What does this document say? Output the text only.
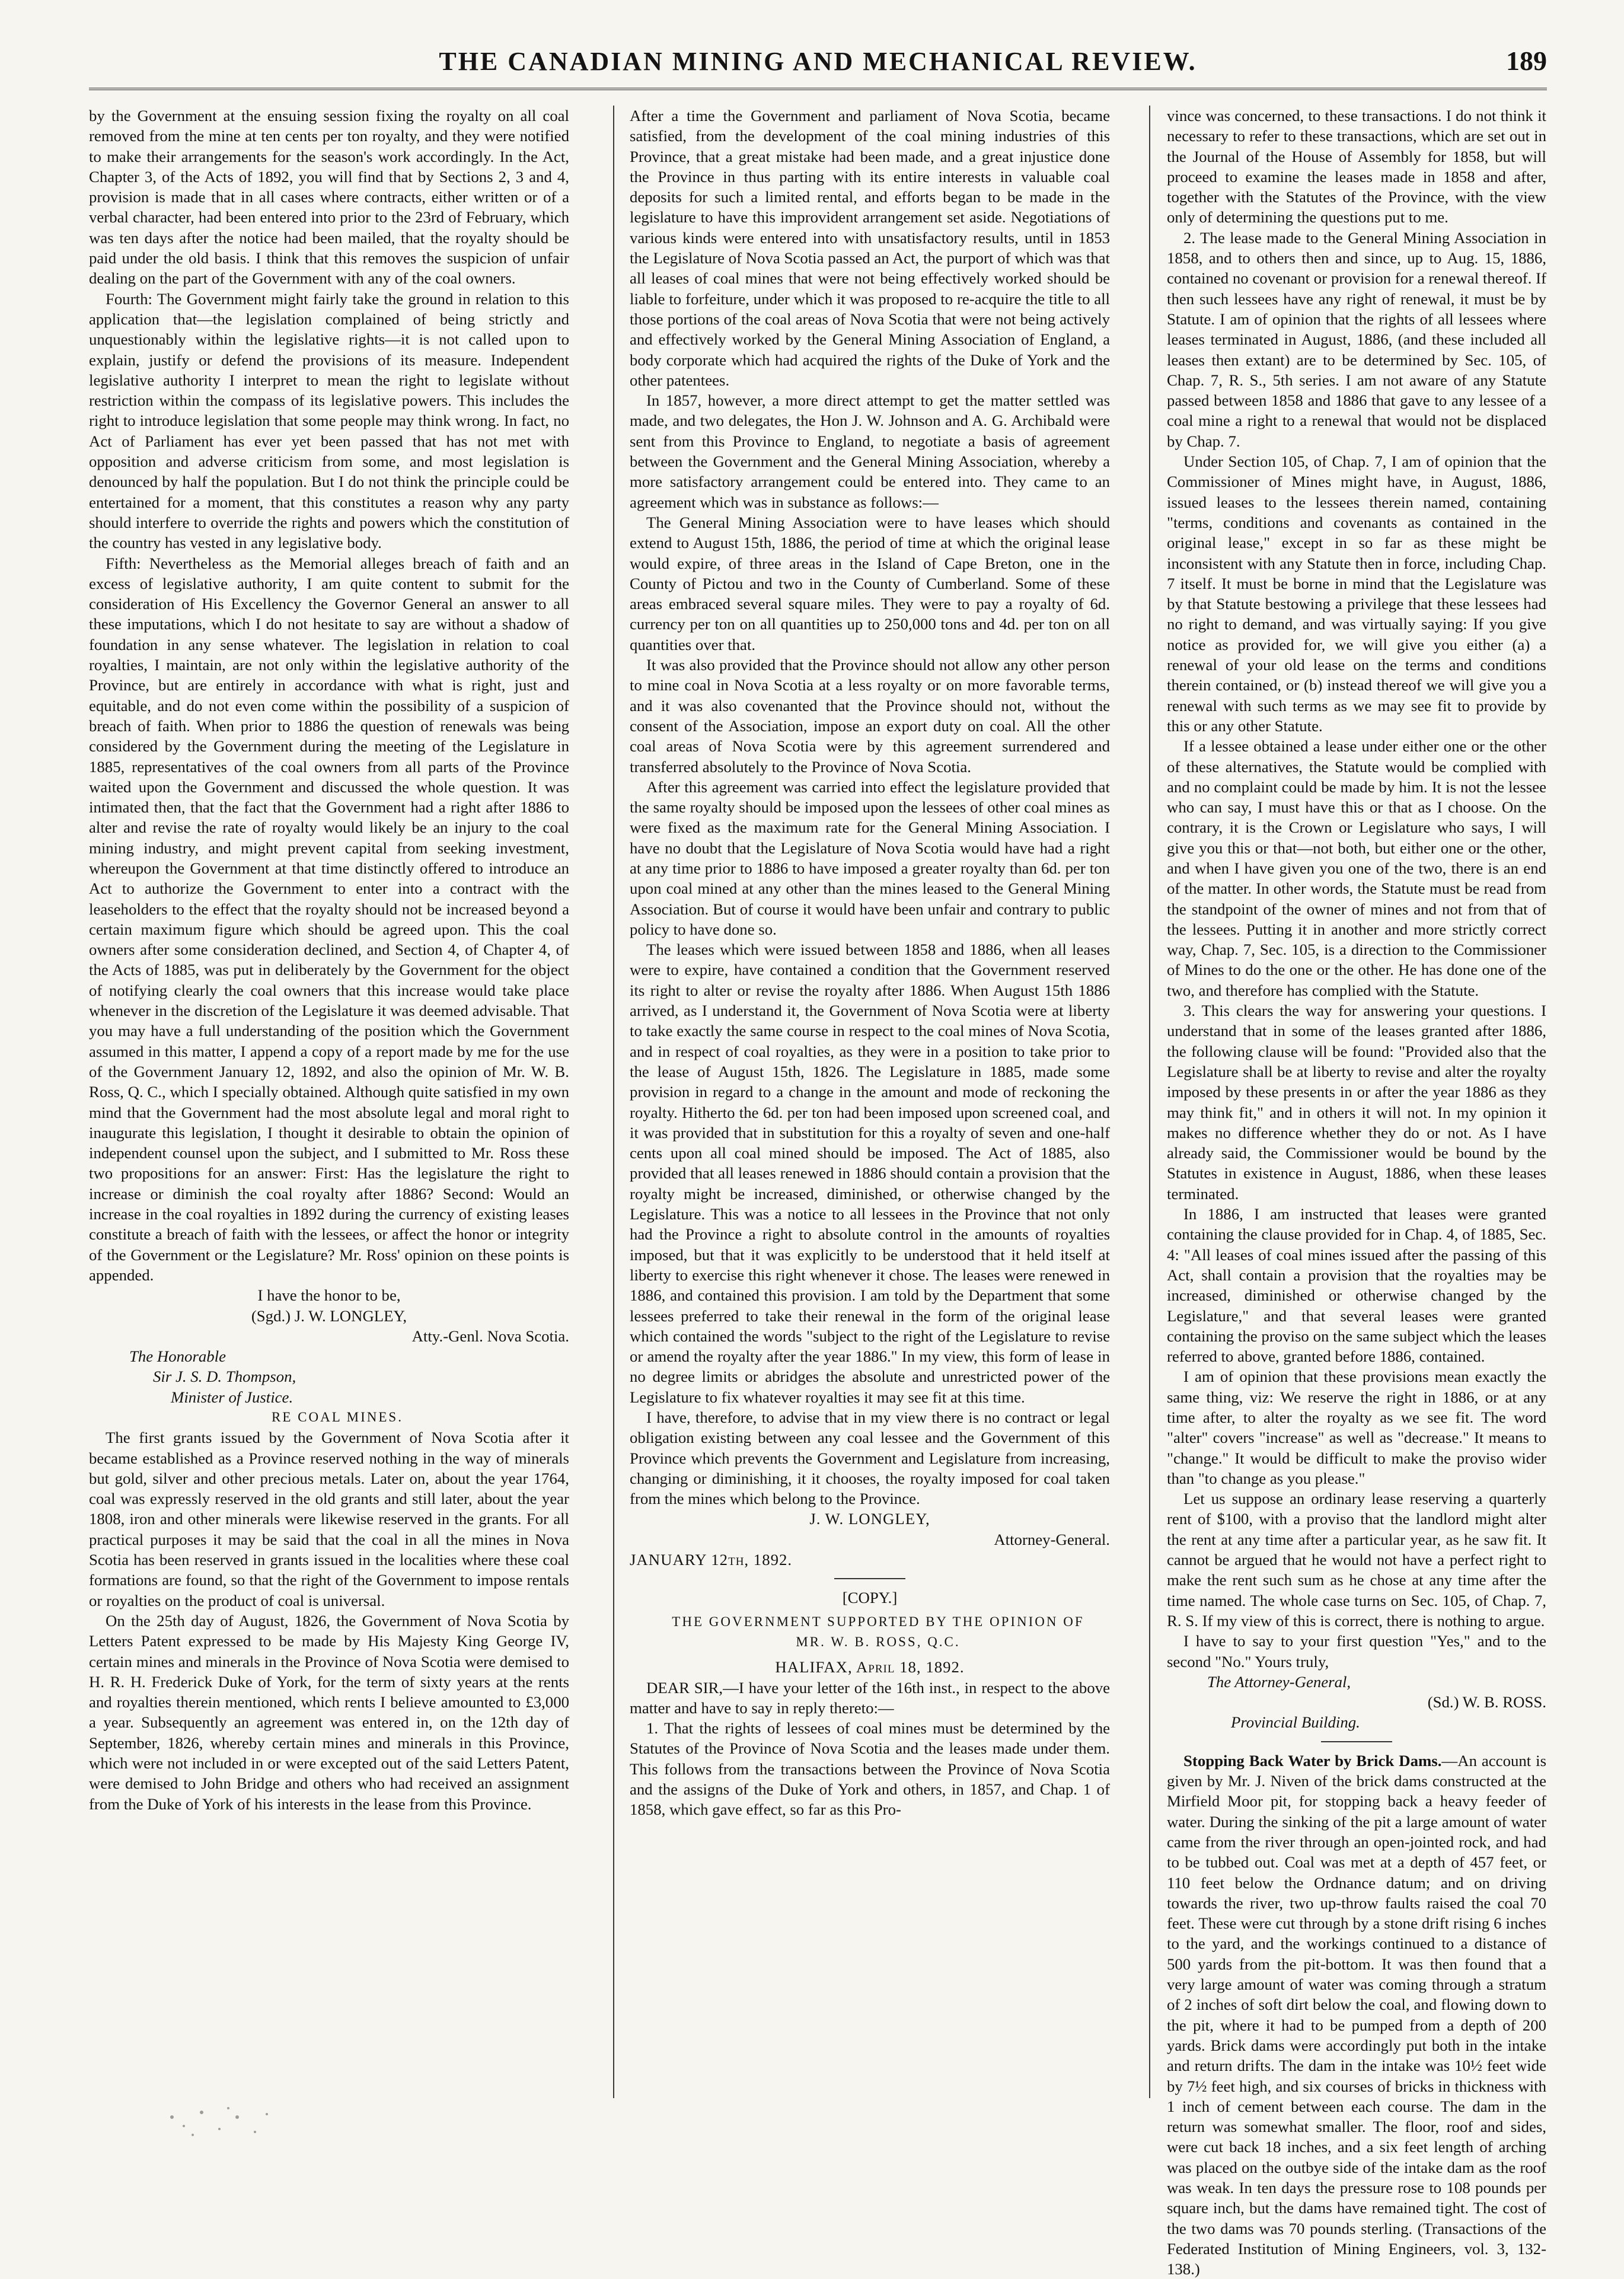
THE CANADIAN MINING AND MECHANICAL REVIEW.	189

by the Government at the ensuing session fixing the royalty on all coal removed from the mine at ten cents per ton royalty, and they were notified to make their arrangements for the season's work accordingly. In the Act, Chapter 3, of the Acts of 1892, you will find that by Sections 2, 3 and 4, provision is made that in all cases where contracts, either written or of a verbal character, had been entered into prior to the 23rd of February, which was ten days after the notice had been mailed, that the royalty should be paid under the old basis. I think that this removes the suspicion of unfair dealing on the part of the Government with any of the coal owners.

Fourth: The Government might fairly take the ground in relation to this application that—the legislation complained of being strictly and unquestionably within the legislative rights—it is not called upon to explain, justify or defend the provisions of its measure. Independent legislative authority I interpret to mean the right to legislate without restriction within the compass of its legislative powers. This includes the right to introduce legislation that some people may think wrong. In fact, no Act of Parliament has ever yet been passed that has not met with opposition and adverse criticism from some, and most legislation is denounced by half the population. But I do not think the principle could be entertained for a moment, that this constitutes a reason why any party should interfere to override the rights and powers which the constitution of the country has vested in any legislative body.

Fifth: Nevertheless as the Memorial alleges breach of faith and an excess of legislative authority, I am quite content to submit for the consideration of His Excellency the Governor General an answer to all these imputations, which I do not hesitate to say are without a shadow of foundation in any sense whatever. The legislation in relation to coal royalties, I maintain, are not only within the legislative authority of the Province, but are entirely in accordance with what is right, just and equitable, and do not even come within the possibility of a suspicion of breach of faith. When prior to 1886 the question of renewals was being considered by the Government during the meeting of the Legislature in 1885, representatives of the coal owners from all parts of the Province waited upon the Government and discussed the whole question. It was intimated then, that the fact that the Government had a right after 1886 to alter and revise the rate of royalty would likely be an injury to the coal mining industry, and might prevent capital from seeking investment, whereupon the Government at that time distinctly offered to introduce an Act to authorize the Government to enter into a contract with the leaseholders to the effect that the royalty should not be increased beyond a certain maximum figure which should be agreed upon. This the coal owners after some consideration declined, and Section 4, of Chapter 4, of the Acts of 1885, was put in deliberately by the Government for the object of notifying clearly the coal owners that this increase would take place whenever in the discretion of the Legislature it was deemed advisable. That you may have a full understanding of the position which the Government assumed in this matter, I append a copy of a report made by me for the use of the Government January 12, 1892, and also the opinion of Mr. W. B. Ross, Q. C., which I specially obtained. Although quite satisfied in my own mind that the Government had the most absolute legal and moral right to inaugurate this legislation, I thought it desirable to obtain the opinion of independent counsel upon the subject, and I submitted to Mr. Ross these two propositions for an answer: First: Has the legislature the right to increase or diminish the coal royalty after 1886? Second: Would an increase in the coal royalties in 1892 during the currency of existing leases constitute a breach of faith with the lessees, or affect the honor or integrity of the Government or the Legislature? Mr. Ross' opinion on these points is appended.

I have the honor to be,

(Sgd.) J. W. LONGLEY,

Atty.-Genl. Nova Scotia.

The Honorable

Sir J. S. D. Thompson,

Minister of Justice.

RE COAL MINES.

The first grants issued by the Government of Nova Scotia after it became established as a Province reserved nothing in the way of minerals but gold, silver and other precious metals. Later on, about the year 1764, coal was expressly reserved in the old grants and still later, about the year 1808, iron and other minerals were likewise reserved in the grants. For all practical purposes it may be said that the coal in all the mines in Nova Scotia has been reserved in grants issued in the localities where these coal formations are found, so that the right of the Government to impose rentals or royalties on the product of coal is universal.

On the 25th day of August, 1826, the Government of Nova Scotia by Letters Patent expressed to be made by His Majesty King George IV, certain mines and minerals in the Province of Nova Scotia were demised to H. R. H. Frederick Duke of York, for the term of sixty years at the rents and royalties therein mentioned, which rents I believe amounted to £3,000 a year. Subsequently an agreement was entered in, on the 12th day of September, 1826, whereby certain mines and minerals in this Province, which were not included in or were excepted out of the said Letters Patent, were demised to John Bridge and others who had received an assignment from the Duke of York of his interests in the lease from this Province.

After a time the Government and parliament of Nova Scotia, became satisfied, from the development of the coal mining industries of this Province, that a great mistake had been made, and a great injustice done the Province in thus parting with its entire interests in valuable coal deposits for such a limited rental, and efforts began to be made in the legislature to have this improvident arrangement set aside. Negotiations of various kinds were entered into with unsatisfactory results, until in 1853 the Legislature of Nova Scotia passed an Act, the purport of which was that all leases of coal mines that were not being effectively worked should be liable to forfeiture, under which it was proposed to re-acquire the title to all those portions of the coal areas of Nova Scotia that were not being actively and effectively worked by the General Mining Association of England, a body corporate which had acquired the rights of the Duke of York and the other patentees.

In 1857, however, a more direct attempt to get the matter settled was made, and two delegates, the Hon J. W. Johnson and A. G. Archibald were sent from this Province to England, to negotiate a basis of agreement between the Government and the General Mining Association, whereby a more satisfactory arrangement could be entered into. They came to an agreement which was in substance as follows:—

The General Mining Association were to have leases which should extend to August 15th, 1886, the period of time at which the original lease would expire, of three areas in the Island of Cape Breton, one in the County of Pictou and two in the County of Cumberland. Some of these areas embraced several square miles. They were to pay a royalty of 6d. currency per ton on all quantities up to 250,000 tons and 4d. per ton on all quantities over that.

It was also provided that the Province should not allow any other person to mine coal in Nova Scotia at a less royalty or on more favorable terms, and it was also covenanted that the Province should not, without the consent of the Association, impose an export duty on coal. All the other coal areas of Nova Scotia were by this agreement surrendered and transferred absolutely to the Province of Nova Scotia.

After this agreement was carried into effect the legislature provided that the same royalty should be imposed upon the lessees of other coal mines as were fixed as the maximum rate for the General Mining Association. I have no doubt that the Legislature of Nova Scotia would have had a right at any time prior to 1886 to have imposed a greater royalty than 6d. per ton upon coal mined at any other than the mines leased to the General Mining Association. But of course it would have been unfair and contrary to public policy to have done so.

The leases which were issued between 1858 and 1886, when all leases were to expire, have contained a condition that the Government reserved its right to alter or revise the royalty after 1886. When August 15th 1886 arrived, as I understand it, the Government of Nova Scotia were at liberty to take exactly the same course in respect to the coal mines of Nova Scotia, and in respect of coal royalties, as they were in a position to take prior to the lease of August 15th, 1826. The Legislature in 1885, made some provision in regard to a change in the amount and mode of reckoning the royalty. Hitherto the 6d. per ton had been imposed upon screened coal, and it was provided that in substitution for this a royalty of seven and one-half cents upon all coal mined should be imposed. The Act of 1885, also provided that all leases renewed in 1886 should contain a provision that the royalty might be increased, diminished, or otherwise changed by the Legislature. This was a notice to all lessees in the Province that not only had the Province a right to absolute control in the amounts of royalties imposed, but that it was explicitly to be understood that it held itself at liberty to exercise this right whenever it chose. The leases were renewed in 1886, and contained this provision. I am told by the Department that some lessees preferred to take their renewal in the form of the original lease which contained the words "subject to the right of the Legislature to revise or amend the royalty after the year 1886." In my view, this form of lease in no degree limits or abridges the absolute and unrestricted power of the Legislature to fix whatever royalties it may see fit at this time.

I have, therefore, to advise that in my view there is no contract or legal obligation existing between any coal lessee and the Government of this Province which prevents the Government and Legislature from increasing, changing or diminishing, it it chooses, the royalty imposed for coal taken from the mines which belong to the Province.

J. W. LONGLEY,

Attorney-General.

JANUARY 12th, 1892.

[COPY.]

THE GOVERNMENT SUPPORTED BY THE OPINION OF

MR. W. B. ROSS, Q.C.

HALIFAX, April 18, 1892.

DEAR SIR,—I have your letter of the 16th inst., in respect to the above matter and have to say in reply thereto:—

1. That the rights of lessees of coal mines must be determined by the Statutes of the Province of Nova Scotia and the leases made under them. This follows from the transactions between the Province of Nova Scotia and the assigns of the Duke of York and others, in 1857, and Chap. 1 of 1858, which gave effect, so far as this Pro-

vince was concerned, to these transactions. I do not think it necessary to refer to these transactions, which are set out in the Journal of the House of Assembly for 1858, but will proceed to examine the leases made in 1858 and after, together with the Statutes of the Province, with the view only of determining the questions put to me.

2. The lease made to the General Mining Association in 1858, and to others then and since, up to Aug. 15, 1886, contained no covenant or provision for a renewal thereof. If then such lessees have any right of renewal, it must be by Statute. I am of opinion that the rights of all lessees where leases terminated in August, 1886, (and these included all leases then extant) are to be determined by Sec. 105, of Chap. 7, R. S., 5th series. I am not aware of any Statute passed between 1858 and 1886 that gave to any lessee of a coal mine a right to a renewal that would not be displaced by Chap. 7.

Under Section 105, of Chap. 7, I am of opinion that the Commissioner of Mines might have, in August, 1886, issued leases to the lessees therein named, containing "terms, conditions and covenants as contained in the original lease," except in so far as these might be inconsistent with any Statute then in force, including Chap. 7 itself. It must be borne in mind that the Legislature was by that Statute bestowing a privilege that these lessees had no right to demand, and was virtually saying: If you give notice as provided for, we will give you either (a) a renewal of your old lease on the terms and conditions therein contained, or (b) instead thereof we will give you a renewal with such terms as we may see fit to provide by this or any other Statute.

If a lessee obtained a lease under either one or the other of these alternatives, the Statute would be complied with and no complaint could be made by him. It is not the lessee who can say, I must have this or that as I choose. On the contrary, it is the Crown or Legislature who says, I will give you this or that—not both, but either one or the other, and when I have given you one of the two, there is an end of the matter. In other words, the Statute must be read from the standpoint of the owner of mines and not from that of the lessees. Putting it in another and more strictly correct way, Chap. 7, Sec. 105, is a direction to the Commissioner of Mines to do the one or the other. He has done one of the two, and therefore has complied with the Statute.

3. This clears the way for answering your questions. I understand that in some of the leases granted after 1886, the following clause will be found: "Provided also that the Legislature shall be at liberty to revise and alter the royalty imposed by these presents in or after the year 1886 as they may think fit," and in others it will not. In my opinion it makes no difference whether they do or not. As I have already said, the Commissioner would be bound by the Statutes in existence in August, 1886, when these leases terminated.

In 1886, I am instructed that leases were granted containing the clause provided for in Chap. 4, of 1885, Sec. 4: "All leases of coal mines issued after the passing of this Act, shall contain a provision that the royalties may be increased, diminished or otherwise changed by the Legislature," and that several leases were granted containing the proviso on the same subject which the leases referred to above, granted before 1886, contained.

I am of opinion that these provisions mean exactly the same thing, viz: We reserve the right in 1886, or at any time after, to alter the royalty as we see fit. The word "alter" covers "increase" as well as "decrease." It means to "change." It would be difficult to make the proviso wider than "to change as you please."

Let us suppose an ordinary lease reserving a quarterly rent of $100, with a proviso that the landlord might alter the rent at any time after a particular year, as he saw fit. It cannot be argued that he would not have a perfect right to make the rent such sum as he chose at any time after the time named. The whole case turns on Sec. 105, of Chap. 7, R. S. If my view of this is correct, there is nothing to argue.

I have to say to your first question "Yes," and to the second "No." Yours truly,

The Attorney-General,

(Sd.) W. B. ROSS.

Provincial Building.

Stopping Back Water by Brick Dams.—An account is given by Mr. J. Niven of the brick dams constructed at the Mirfield Moor pit, for stopping back a heavy feeder of water. During the sinking of the pit a large amount of water came from the river through an open-jointed rock, and had to be tubbed out. Coal was met at a depth of 457 feet, or 110 feet below the Ordnance datum; and on driving towards the river, two up-throw faults raised the coal 70 feet. These were cut through by a stone drift rising 6 inches to the yard, and the workings continued to a distance of 500 yards from the pit-bottom. It was then found that a very large amount of water was coming through a stratum of 2 inches of soft dirt below the coal, and flowing down to the pit, where it had to be pumped from a depth of 200 yards. Brick dams were accordingly put both in the intake and return drifts. The dam in the intake was 10½ feet wide by 7½ feet high, and six courses of bricks in thickness with 1 inch of cement between each course. The dam in the return was somewhat smaller. The floor, roof and sides, were cut back 18 inches, and a six feet length of arching was placed on the outbye side of the intake dam as the roof was weak. In ten days the pressure rose to 108 pounds per square inch, but the dams have remained tight. The cost of the two dams was 70 pounds sterling. (Transactions of the Federated Institution of Mining Engineers, vol. 3, 132-138.)
